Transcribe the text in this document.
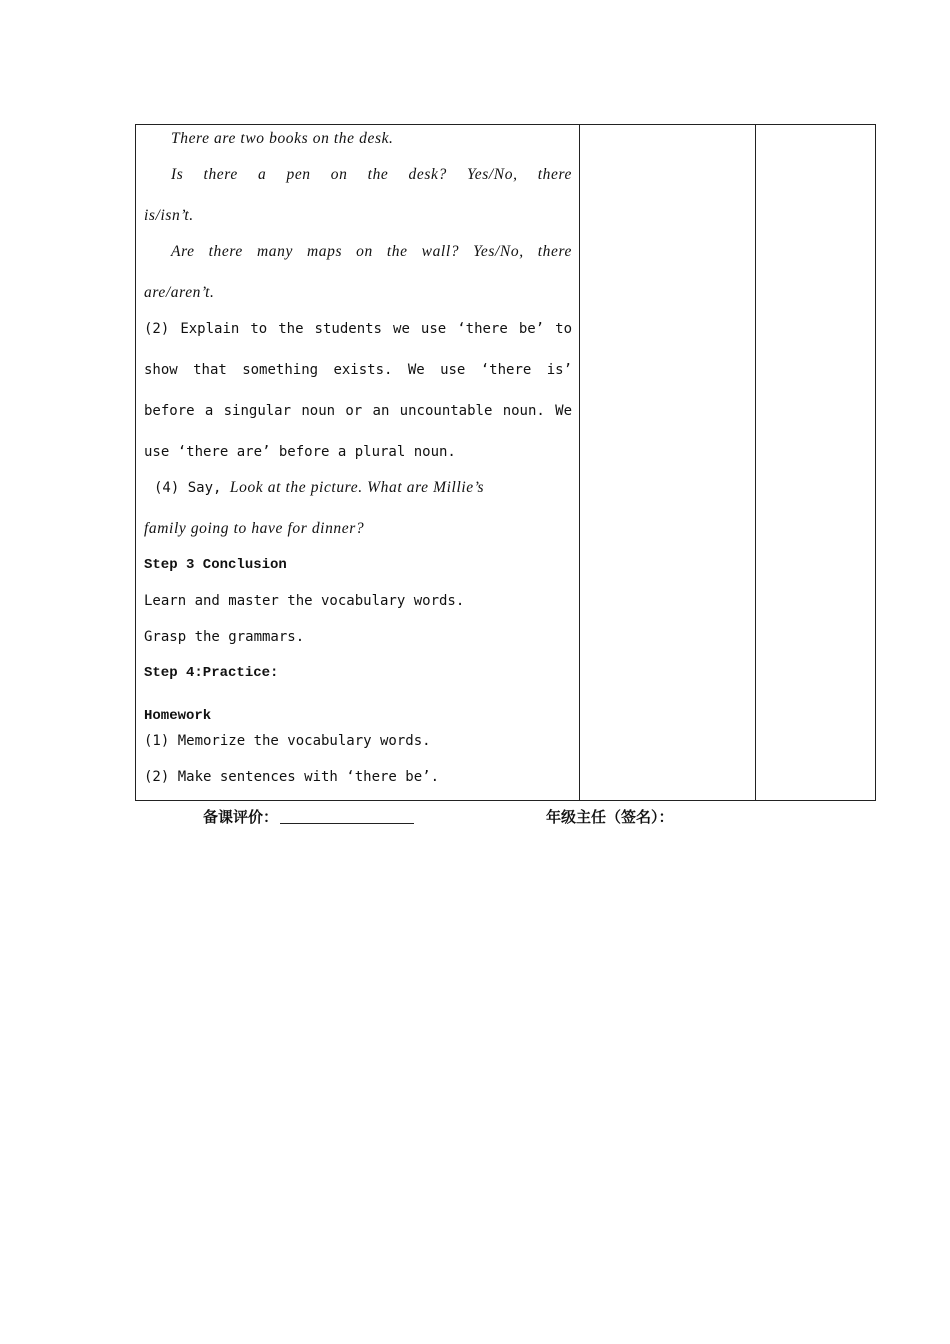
There are two books on the desk.
Is there a pen on the desk? Yes/No, there
is/isn’t.
Are there many maps on the wall? Yes/No, there
are/aren’t.
(2) Explain to the students we use ‘there be’ to
show that something exists. We use ‘there is’
before a singular noun or an uncountable noun. We
use ‘there are’ before a plural noun.
(4) Say, Look at the picture. What are Millie’s
family going to have for dinner?
Step 3 Conclusion
Learn and master the vocabulary words.
Grasp the grammars.
Step 4:Practice:
Homework
(1) Memorize the vocabulary words.
(2) Make sentences with ‘there be’.
备课评价：	年级主任（签名）：
